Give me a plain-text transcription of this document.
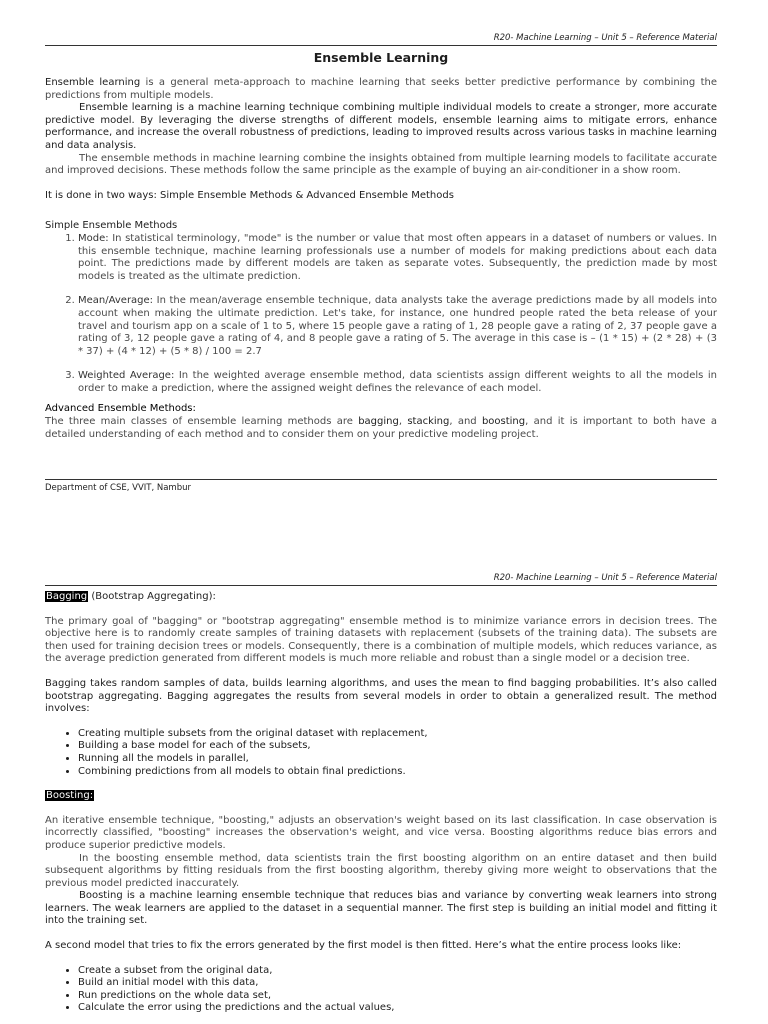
R20- Machine Learning – Unit 5 – Reference Material
Ensemble Learning

Ensemble learning is a general meta-approach to machine learning that seeks better predictive performance by combining the predictions from multiple models.

Ensemble learning is a machine learning technique combining multiple individual models to create a stronger, more accurate predictive model. By leveraging the diverse strengths of different models, ensemble learning aims to mitigate errors, enhance performance, and increase the overall robustness of predictions, leading to improved results across various tasks in machine learning and data analysis.

The ensemble methods in machine learning combine the insights obtained from multiple learning models to facilitate accurate and improved decisions. These methods follow the same principle as the example of buying an air-conditioner in a show room.

It is done in two ways: Simple Ensemble Methods & Advanced Ensemble Methods

Simple Ensemble Methods
1. Mode: In statistical terminology, "mode" is the number or value that most often appears in a dataset of numbers or values. In this ensemble technique, machine learning professionals use a number of models for making predictions about each data point. The predictions made by different models are taken as separate votes. Subsequently, the prediction made by most models is treated as the ultimate prediction.
2. Mean/Average: In the mean/average ensemble technique, data analysts take the average predictions made by all models into account when making the ultimate prediction. Let's take, for instance, one hundred people rated the beta release of your travel and tourism app on a scale of 1 to 5, where 15 people gave a rating of 1, 28 people gave a rating of 2, 37 people gave a rating of 3, 12 people gave a rating of 4, and 8 people gave a rating of 5. The average in this case is – (1 * 15) + (2 * 28) + (3 * 37) + (4 * 12) + (5 * 8) / 100 = 2.7
3. Weighted Average: In the weighted average ensemble method, data scientists assign different weights to all the models in order to make a prediction, where the assigned weight defines the relevance of each model.
Advanced Ensemble Methods:

The three main classes of ensemble learning methods are bagging, stacking, and boosting, and it is important to both have a detailed understanding of each method and to consider them on your predictive modeling project.

Department of CSE, VVIT, Nambur
R20- Machine Learning – Unit 5 – Reference Material

Bagging (Bootstrap Aggregating):

The primary goal of "bagging" or "bootstrap aggregating" ensemble method is to minimize variance errors in decision trees. The objective here is to randomly create samples of training datasets with replacement (subsets of the training data). The subsets are then used for training decision trees or models. Consequently, there is a combination of multiple models, which reduces variance, as the average prediction generated from different models is much more reliable and robust than a single model or a decision tree.

Bagging takes random samples of data, builds learning algorithms, and uses the mean to find bagging probabilities. It’s also called bootstrap aggregating. Bagging aggregates the results from several models in order to obtain a generalized result. The method involves:

• Creating multiple subsets from the original dataset with replacement,
• Building a base model for each of the subsets,
• Running all the models in parallel,
• Combining predictions from all models to obtain final predictions.

Boosting:

An iterative ensemble technique, "boosting," adjusts an observation's weight based on its last classification. In case observation is incorrectly classified, "boosting" increases the observation's weight, and vice versa. Boosting algorithms reduce bias errors and produce superior predictive models.

In the boosting ensemble method, data scientists train the first boosting algorithm on an entire dataset and then build subsequent algorithms by fitting residuals from the first boosting algorithm, thereby giving more weight to observations that the previous model predicted inaccurately.

Boosting is a machine learning ensemble technique that reduces bias and variance by converting weak learners into strong learners. The weak learners are applied to the dataset in a sequential manner. The first step is building an initial model and fitting it into the training set.

A second model that tries to fix the errors generated by the first model is then fitted. Here’s what the entire process looks like:

• Create a subset from the original data,
• Build an initial model with this data,
• Run predictions on the whole data set,
• Calculate the error using the predictions and the actual values,
